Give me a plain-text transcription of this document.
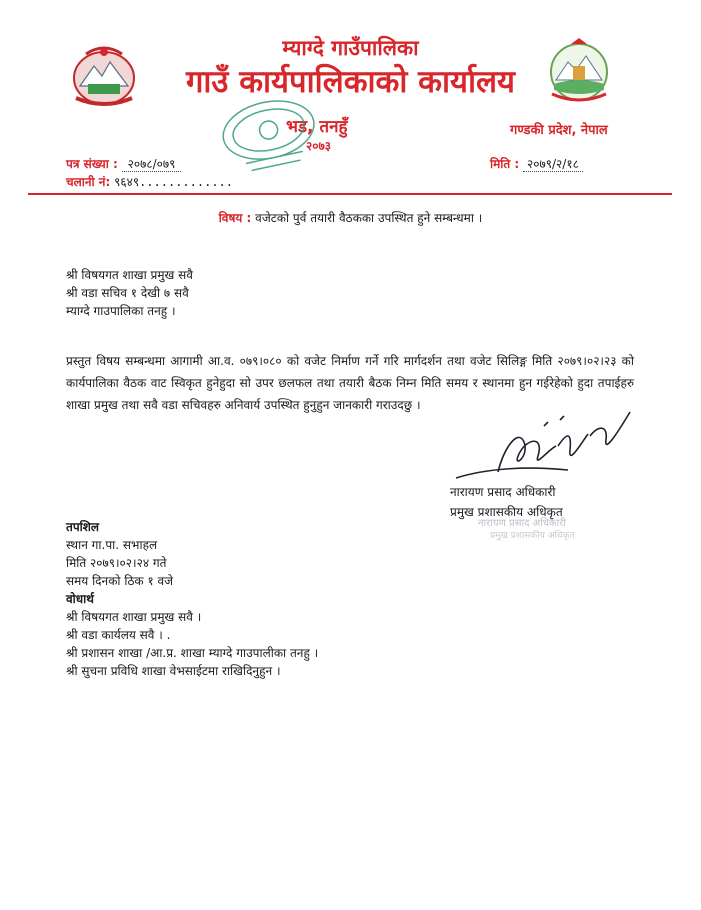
म्याग्दे गाउँपालिका
गाउँ कार्यपालिकाको कार्यालय
भड, तनहुँ
२०७३
गण्डकी प्रदेश, नेपाल
पत्र संख्या : २०७८/०७९
चलानी नं: ९६४९.............
मिति : २०७९/२/१८
विषय : वजेटको पुर्व तयारी वैठकका उपस्थित हुने सम्बन्धमा ।
श्री विषयगत शाखा प्रमुख सवै
श्री वडा सचिव १ देखी ७ सवै
म्याग्दे गाउपालिका तनहु ।
प्रस्तुत विषय सम्बन्धमा आगामी आ.व. ०७९।०८० को वजेट निर्माण गर्ने गरि मार्गदर्शन तथा वजेट सिलिङ्ग मिति २०७९।०२।२३ को कार्यपालिका वैठक वाट स्विकृत हुनेहुदा सो उपर छलफल तथा तयारी बैठक निम्न मिति समय र स्थानमा हुन गईरेहेको हुदा तपाईहरु शाखा प्रमुख तथा सवै वडा सचिवहरु अनिवार्य उपस्थित हुनुहुन जानकारी गराउदछु ।
नारायण प्रसाद अधिकारी
प्रमुख प्रशासकीय अधिकृत
नारायण प्रसाद अधिकारी
प्रमुख प्रशासकीय अधिकृत
तपशिल
स्थान गा.पा. सभाहल
मिति २०७९।०२।२४ गते
समय दिनको ठिक १ वजे
वोधार्थ
श्री विषयगत शाखा प्रमुख सवै ।
श्री वडा कार्यलय सवै । .
श्री प्रशासन शाखा /आ.प्र. शाखा म्याग्दे गाउपालीका तनहु ।
श्री सुचना प्रविधि शाखा वेभसाईटमा राखिदिनुहुन ।
